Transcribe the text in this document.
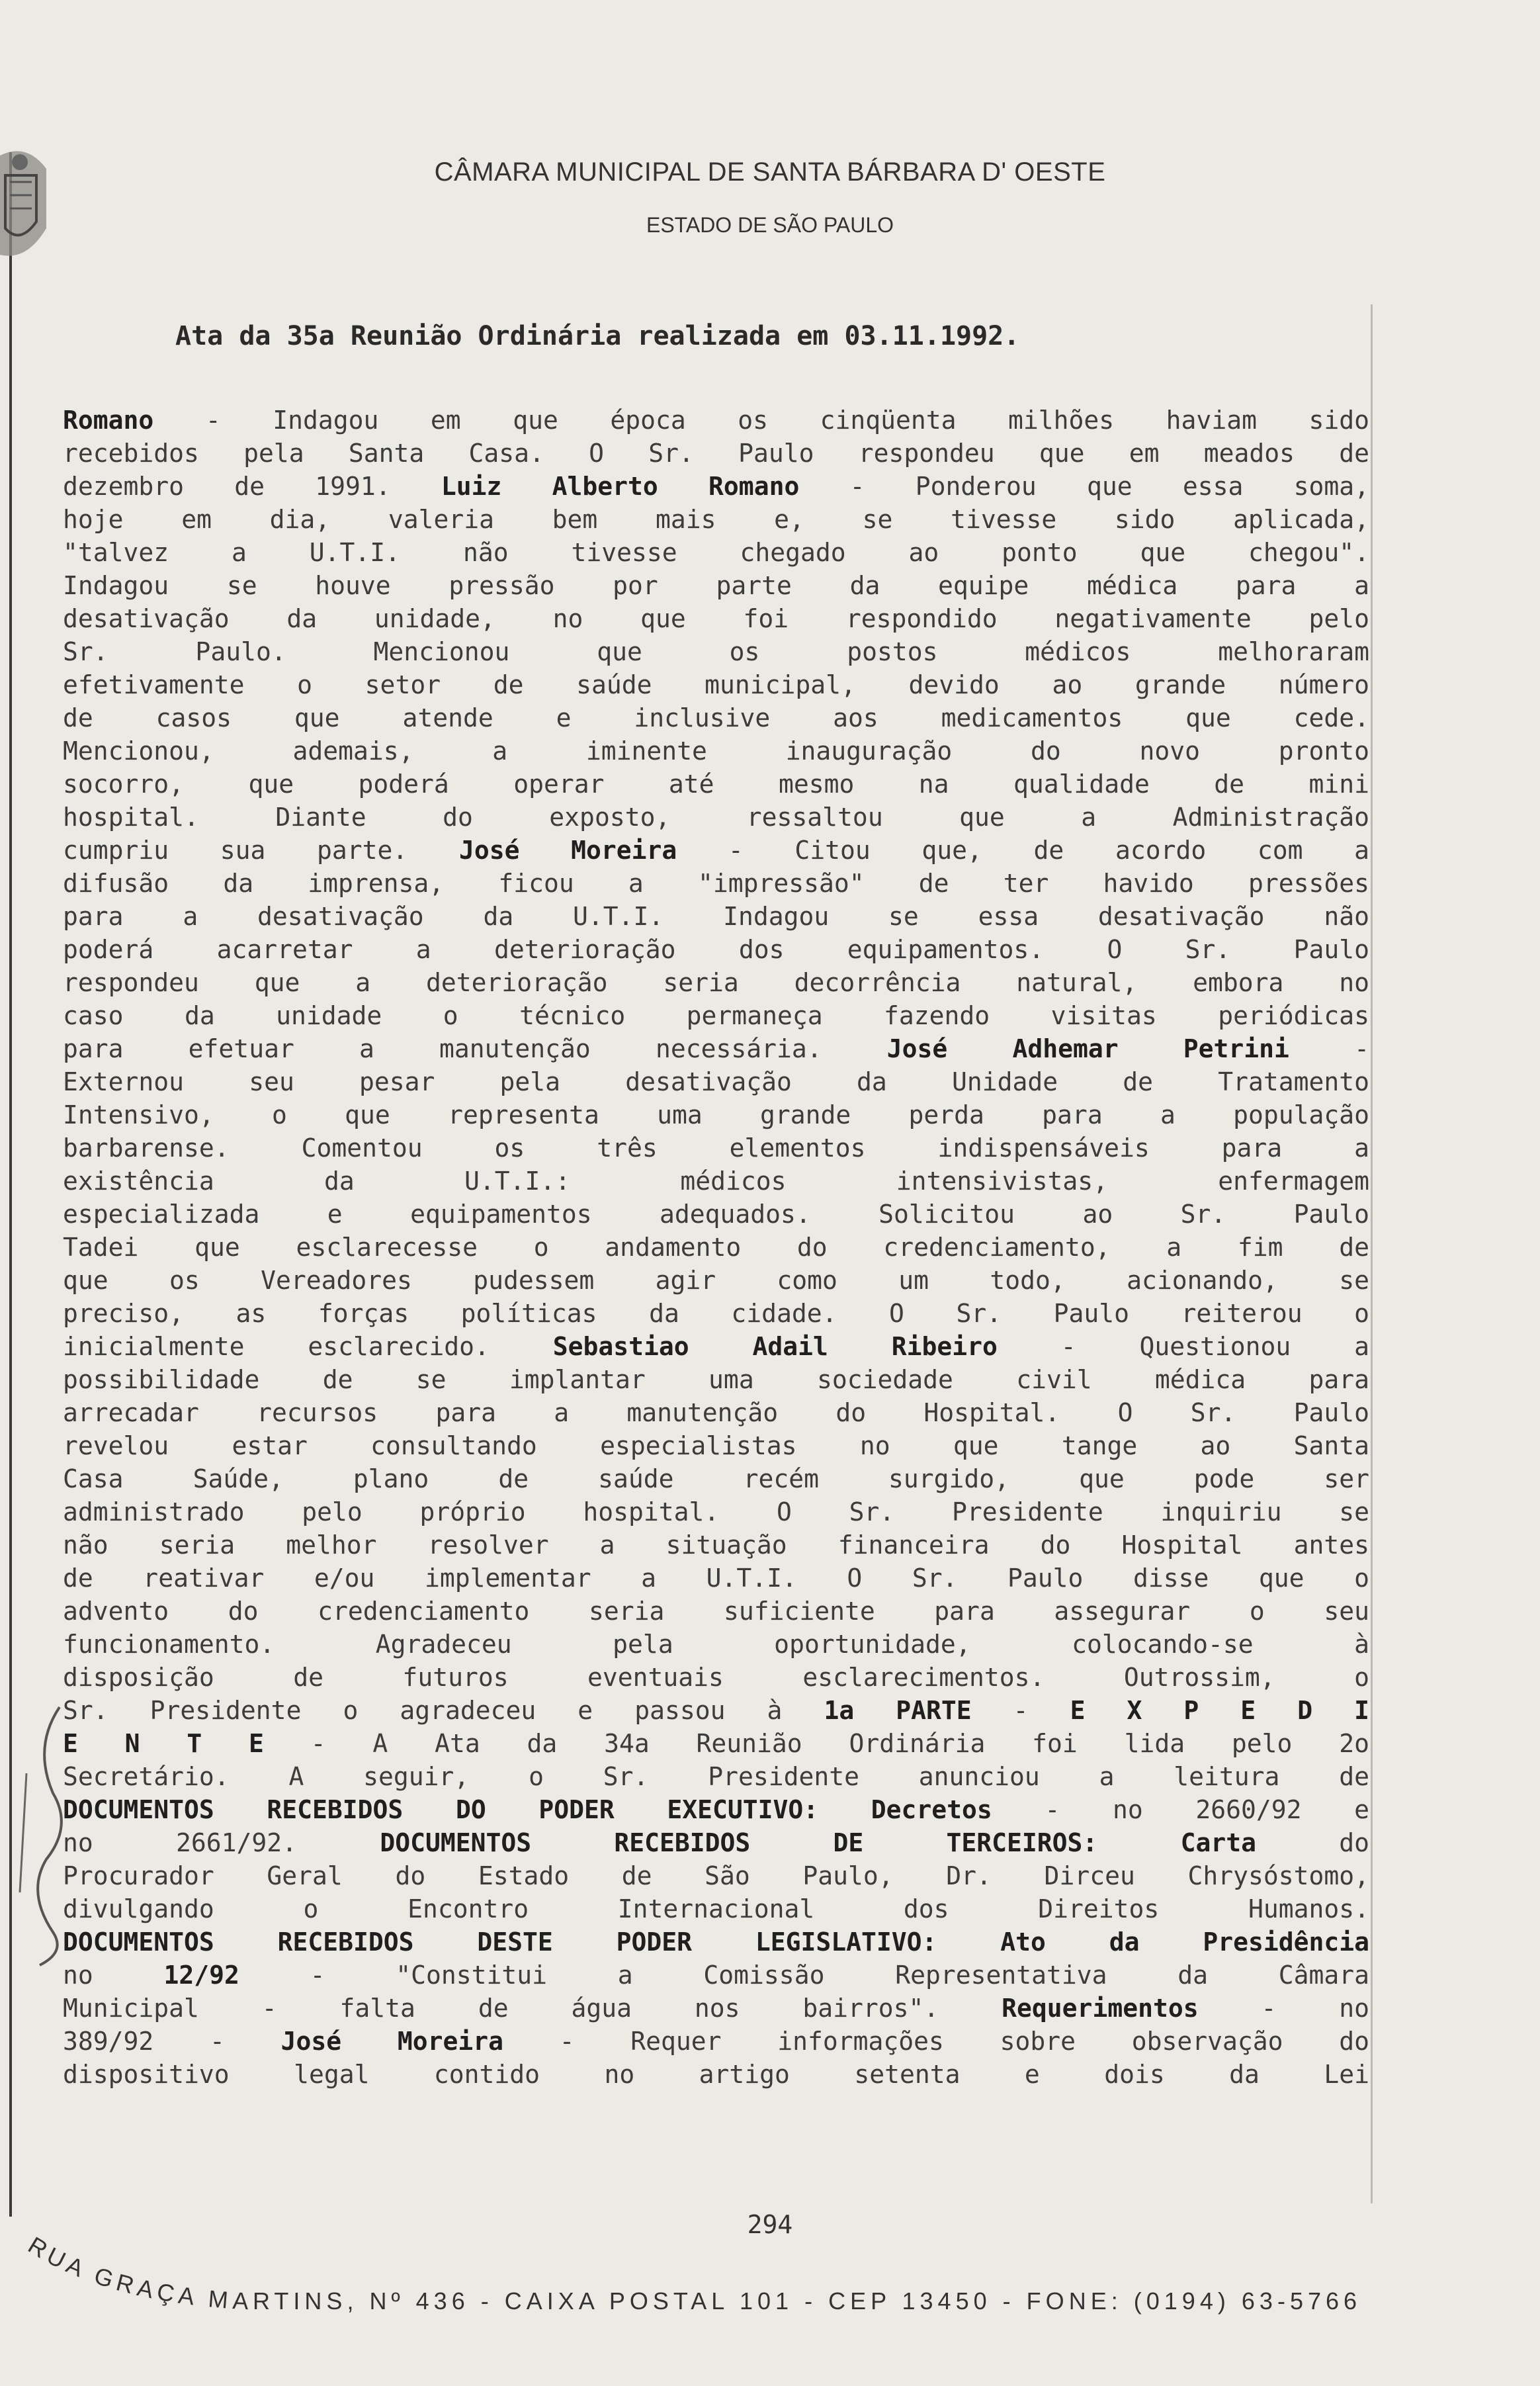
CÂMARA MUNICIPAL DE SANTA BÁRBARA D' OESTE
ESTADO DE SÃO PAULO
Ata da 35a Reunião Ordinária realizada em 03.11.1992.
Romano - Indagou em que época os cinqüenta milhões haviam sido
recebidos pela Santa Casa. O Sr. Paulo respondeu que em meados de
dezembro de 1991. Luiz Alberto Romano - Ponderou que essa soma,
hoje em dia, valeria bem mais e, se tivesse sido aplicada,
"talvez a U.T.I. não tivesse chegado ao ponto que chegou".
Indagou se houve pressão por parte da equipe médica para a
desativação da unidade, no que foi respondido negativamente pelo
Sr. Paulo. Mencionou que os postos médicos melhoraram
efetivamente o setor de saúde municipal, devido ao grande número
de casos que atende e inclusive aos medicamentos que cede.
Mencionou, ademais, a iminente inauguração do novo pronto
socorro, que poderá operar até mesmo na qualidade de mini
hospital. Diante do exposto, ressaltou que a Administração
cumpriu sua parte. José Moreira - Citou que, de acordo com a
difusão da imprensa, ficou a "impressão" de ter havido pressões
para a desativação da U.T.I. Indagou se essa desativação não
poderá acarretar a deterioração dos equipamentos. O Sr. Paulo
respondeu que a deterioração seria decorrência natural, embora no
caso da unidade o técnico permaneça fazendo visitas periódicas
para efetuar a manutenção necessária. José Adhemar Petrini -
Externou seu pesar pela desativação da Unidade de Tratamento
Intensivo, o que representa uma grande perda para a população
barbarense. Comentou os três elementos indispensáveis para a
existência da U.T.I.: médicos intensivistas, enfermagem
especializada e equipamentos adequados. Solicitou ao Sr. Paulo
Tadei que esclarecesse o andamento do credenciamento, a fim de
que os Vereadores pudessem agir como um todo, acionando, se
preciso, as forças políticas da cidade. O Sr. Paulo reiterou o
inicialmente esclarecido. Sebastiao Adail Ribeiro - Questionou a
possibilidade de se implantar uma sociedade civil médica para
arrecadar recursos para a manutenção do Hospital. O Sr. Paulo
revelou estar consultando especialistas no que tange ao Santa
Casa Saúde, plano de saúde recém surgido, que pode ser
administrado pelo próprio hospital. O Sr. Presidente inquiriu se
não seria melhor resolver a situação financeira do Hospital antes
de reativar e/ou implementar a U.T.I. O Sr. Paulo disse que o
advento do credenciamento seria suficiente para assegurar o seu
funcionamento. Agradeceu pela oportunidade, colocando-se à
disposição de futuros eventuais esclarecimentos. Outrossim, o
Sr. Presidente o agradeceu e passou à 1a PARTE - E X P E D I
E N T E - A Ata da 34a Reunião Ordinária foi lida pelo 2o
Secretário. A seguir, o Sr. Presidente anunciou a leitura de
DOCUMENTOS RECEBIDOS DO PODER EXECUTIVO: Decretos - no 2660/92 e
no 2661/92. DOCUMENTOS RECEBIDOS DE TERCEIROS:	Carta do
Procurador Geral do Estado de São Paulo, Dr. Dirceu Chrysóstomo,
divulgando o Encontro Internacional dos Direitos Humanos.
DOCUMENTOS RECEBIDOS DESTE PODER LEGISLATIVO:	Ato da Presidência
no 12/92 - "Constitui a Comissão Representativa da Câmara
Municipal - falta de água nos bairros". Requerimentos - no
389/92 - José Moreira - Requer informações sobre observação do
dispositivo legal contido no artigo setenta e dois da Lei
294
RUA GRAÇA MARTINS, Nº 436 - CAIXA POSTAL 101 - CEP 13450 - FONE: (0194) 63-5766
